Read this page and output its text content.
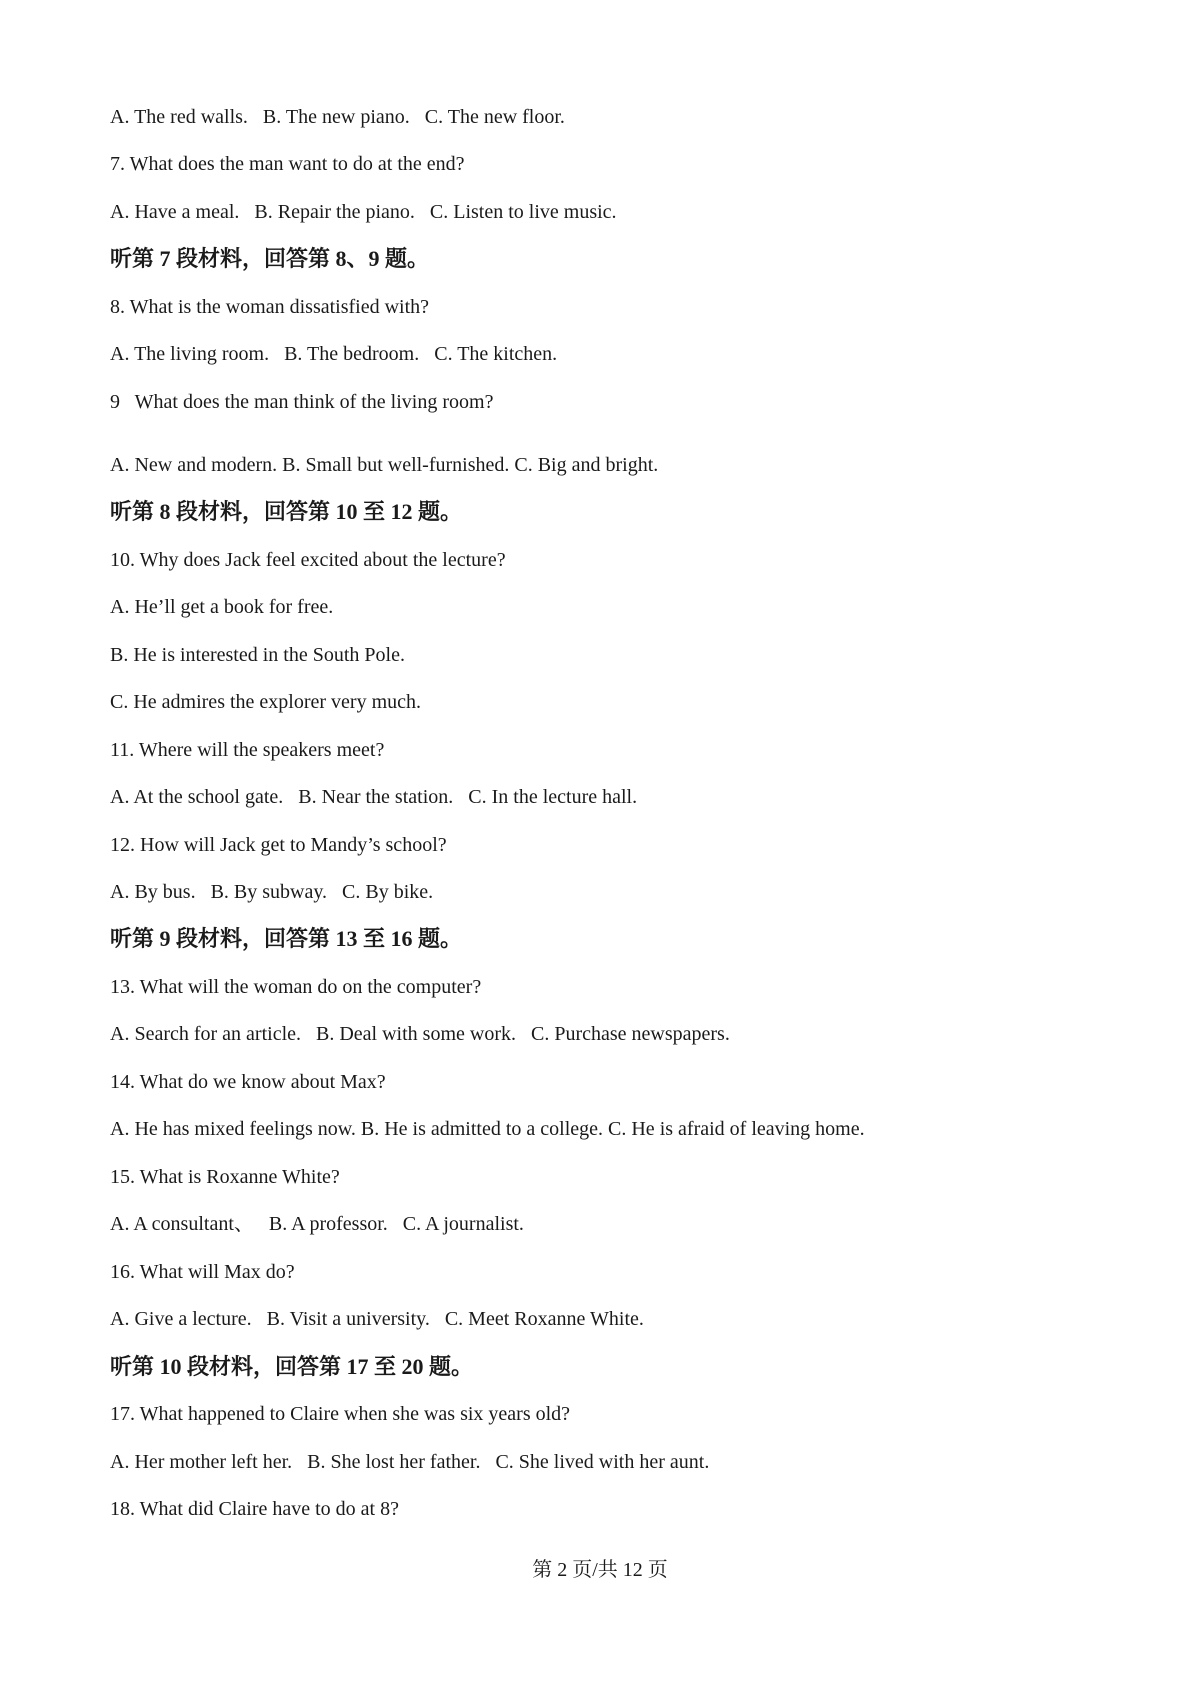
A. The red walls.   B. The new piano.   C. The new floor.
7. What does the man want to do at the end?
A. Have a meal.   B. Repair the piano.   C. Listen to live music.
听第 7 段材料，回答第 8、9 题。
8. What is the woman dissatisfied with?
A. The living room.   B. The bedroom.   C. The kitchen.
9   What does the man think of the living room?
A. New and modern. B. Small but well-furnished. C. Big and bright.
听第 8 段材料，回答第 10 至 12 题。
10. Why does Jack feel excited about the lecture?
A. He’ll get a book for free.
B. He is interested in the South Pole.
C. He admires the explorer very much.
11. Where will the speakers meet?
A. At the school gate.   B. Near the station.   C. In the lecture hall.
12. How will Jack get to Mandy’s school?
A. By bus.   B. By subway.   C. By bike.
听第 9 段材料，回答第 13 至 16 题。
13. What will the woman do on the computer?
A. Search for an article.   B. Deal with some work.   C. Purchase newspapers.
14. What do we know about Max?
A. He has mixed feelings now. B. He is admitted to a college. C. He is afraid of leaving home.
15. What is Roxanne White?
A. A consultant、   B. A professor.   C. A journalist.
16. What will Max do?
A. Give a lecture.   B. Visit a university.   C. Meet Roxanne White.
听第 10 段材料，回答第 17 至 20 题。
17. What happened to Claire when she was six years old?
A. Her mother left her.   B. She lost her father.   C. She lived with her aunt.
18. What did Claire have to do at 8?
第 2 页/共 12 页
